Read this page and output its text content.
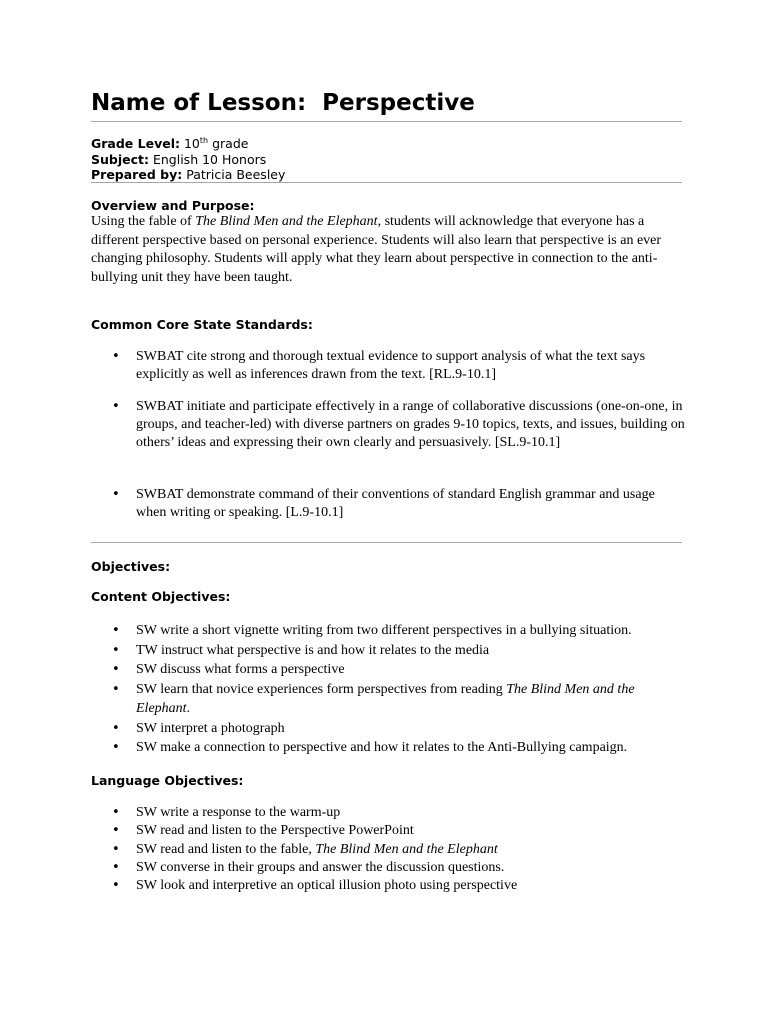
Name of Lesson:  Perspective
Grade Level: 10th grade
Subject: English 10 Honors
Prepared by: Patricia Beesley
Overview and Purpose:
Using the fable of The Blind Men and the Elephant, students will acknowledge that everyone has a different perspective based on personal experience. Students will also learn that perspective is an ever changing philosophy. Students will apply what they learn about perspective in connection to the anti-bullying unit they have been taught.
Common Core State Standards:
• SWBAT cite strong and thorough textual evidence to support analysis of what the text says explicitly as well as inferences drawn from the text. [RL.9-10.1]
• SWBAT initiate and participate effectively in a range of collaborative discussions (one-on-one, in groups, and teacher-led) with diverse partners on grades 9-10 topics, texts, and issues, building on others’ ideas and expressing their own clearly and persuasively. [SL.9-10.1]
• SWBAT demonstrate command of their conventions of standard English grammar and usage when writing or speaking. [L.9-10.1]
Objectives:
Content Objectives:
• SW write a short vignette writing from two different perspectives in a bullying situation.
• TW instruct what perspective is and how it relates to the media
• SW discuss what forms a perspective
• SW learn that novice experiences form perspectives from reading The Blind Men and the Elephant.
• SW interpret a photograph
• SW make a connection to perspective and how it relates to the Anti-Bullying campaign.
Language Objectives:
• SW write a response to the warm-up
• SW read and listen to the Perspective PowerPoint
• SW read and listen to the fable, The Blind Men and the Elephant
• SW converse in their groups and answer the discussion questions.
• SW look and interpretive an optical illusion photo using perspective
